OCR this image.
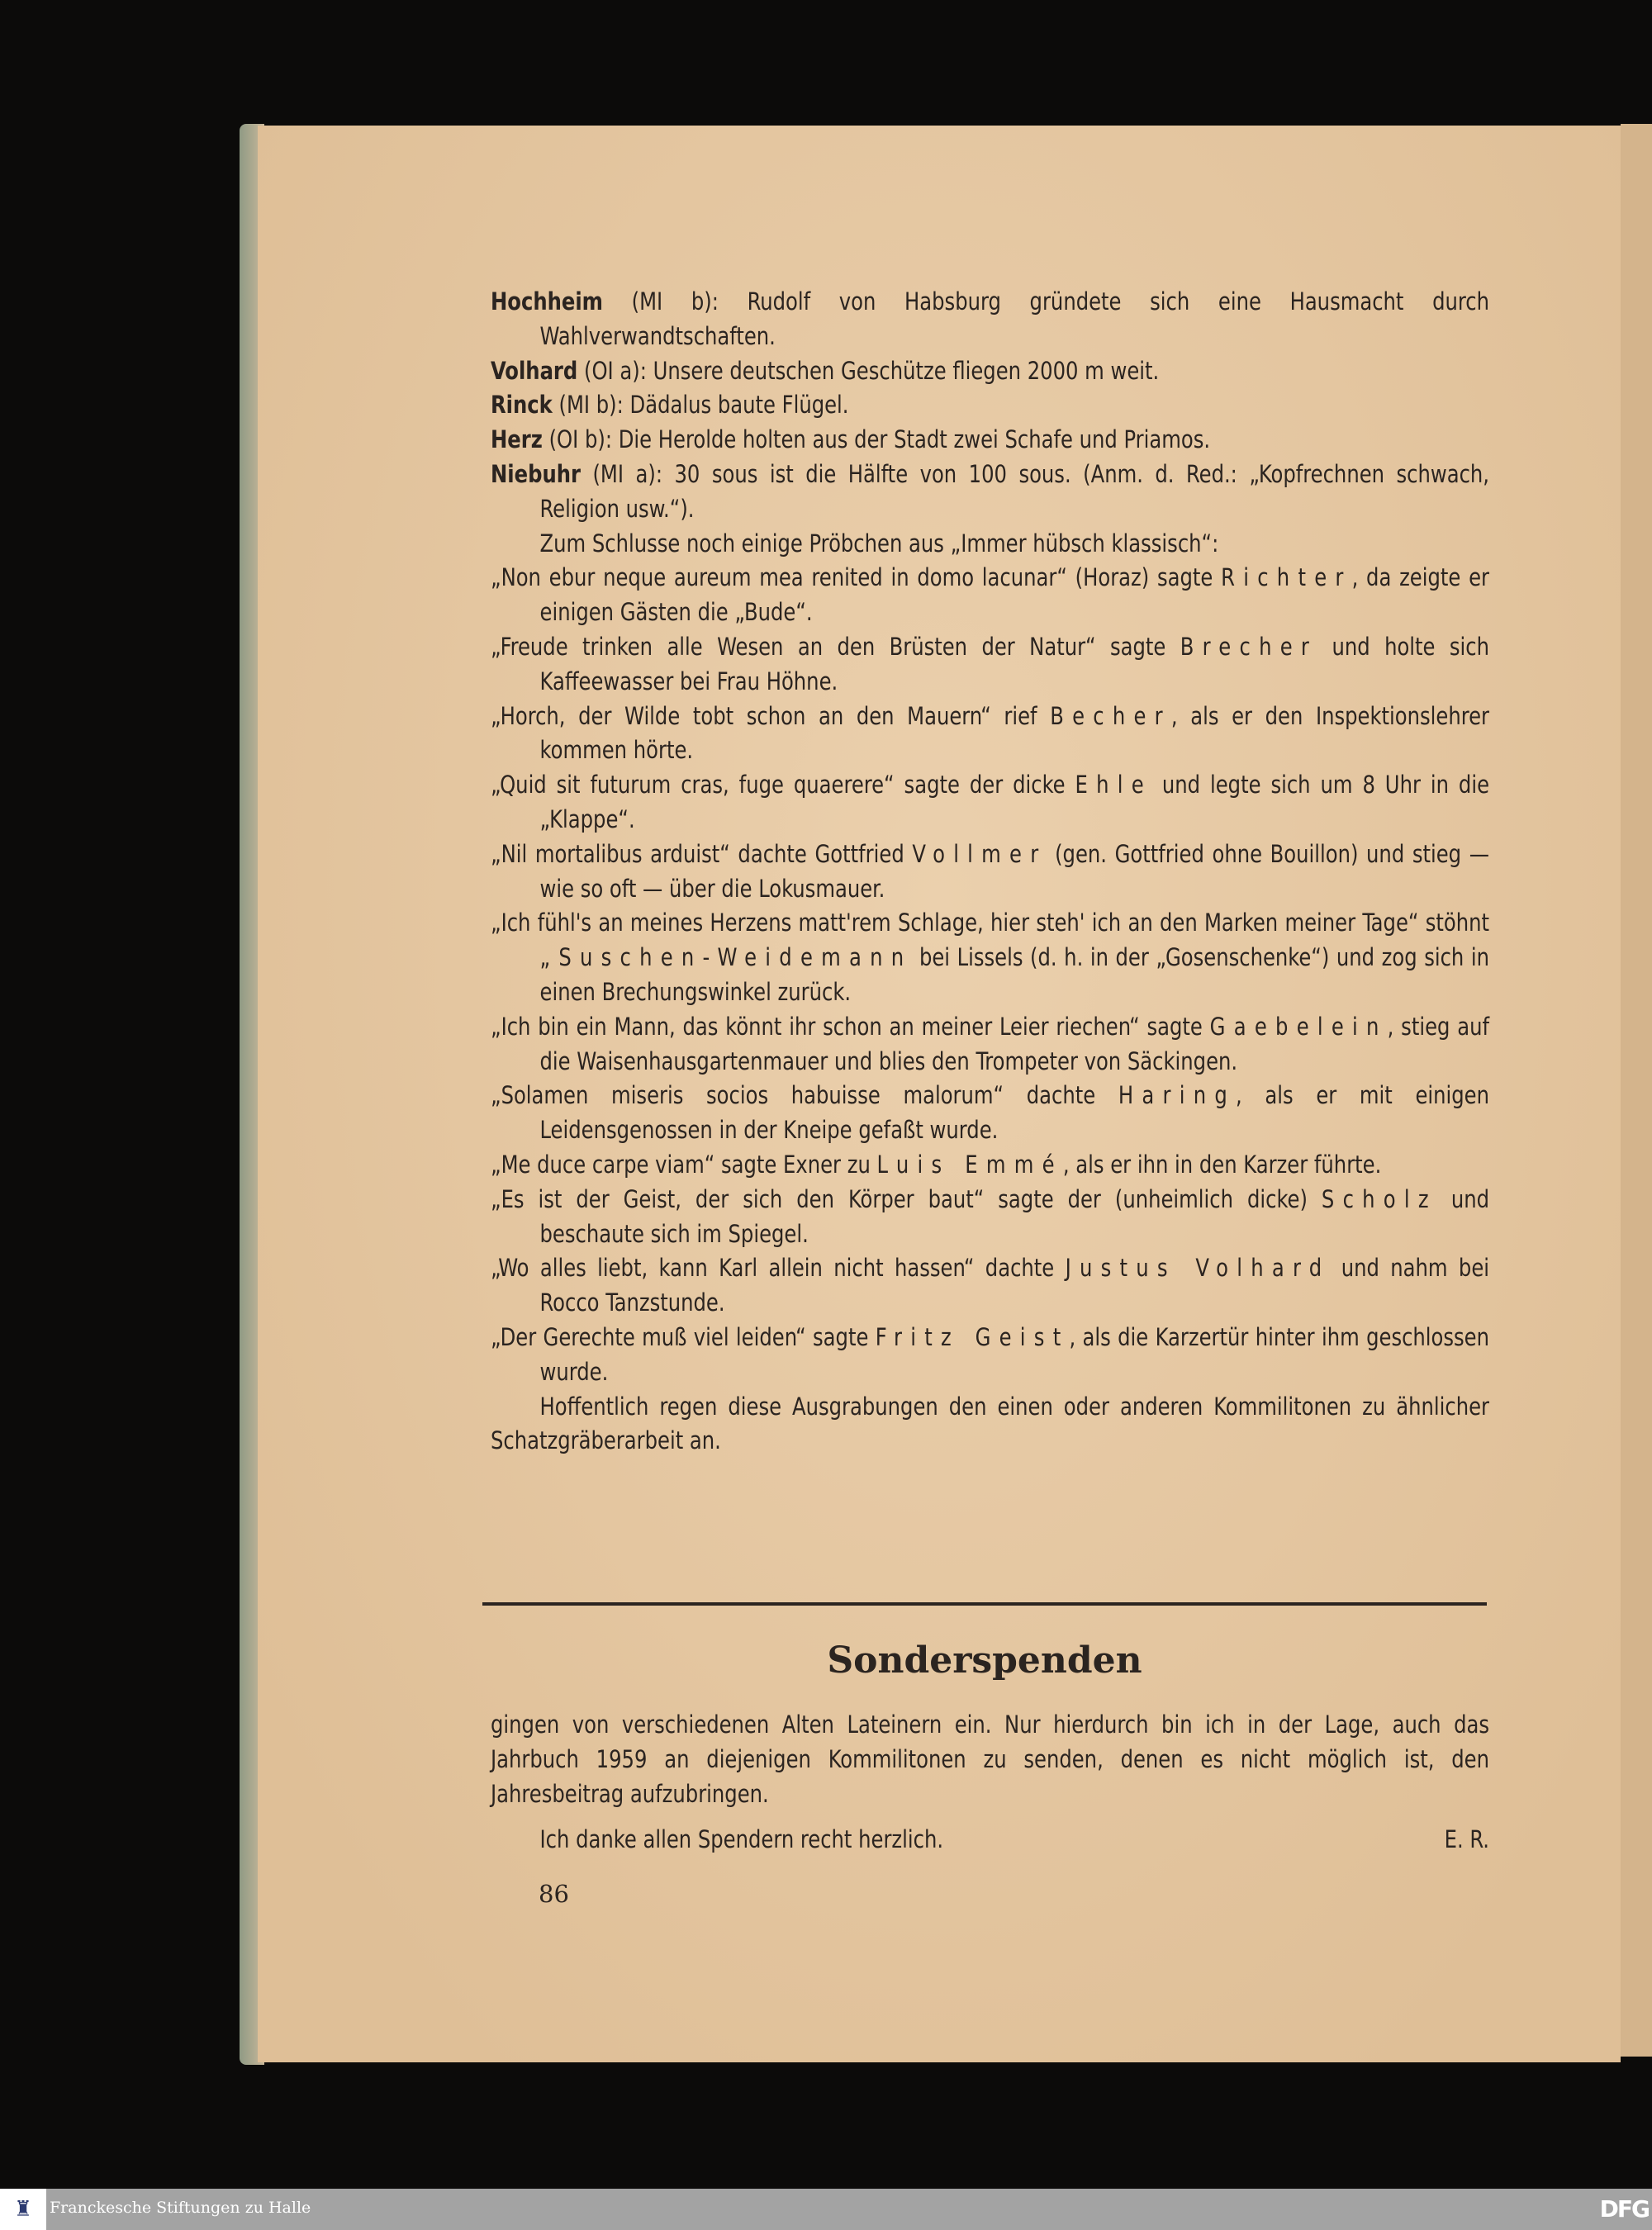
Hochheim (MI b): Rudolf von Habsburg gründete sich eine Hausmacht durch Wahlverwandtschaften.
Volhard (OI a): Unsere deutschen Geschütze fliegen 2000 m weit.
Rinck (MI b): Dädalus baute Flügel.
Herz (OI b): Die Herolde holten aus der Stadt zwei Schafe und Priamos.
Niebuhr (MI a): 30 sous ist die Hälfte von 100 sous. (Anm. d. Red.: „Kopfrechnen schwach, Religion usw.“).
Zum Schlusse noch einige Pröbchen aus „Immer hübsch klassisch“:
„Non ebur neque aureum mea renited in domo lacunar“ (Horaz) sagte Richter, da zeigte er einigen Gästen die „Bude“.
„Freude trinken alle Wesen an den Brüsten der Natur“ sagte Brecher und holte sich Kaffeewasser bei Frau Höhne.
„Horch, der Wilde tobt schon an den Mauern“ rief Becher, als er den Inspektionslehrer kommen hörte.
„Quid sit futurum cras, fuge quaerere“ sagte der dicke Ehle und legte sich um 8 Uhr in die „Klappe“.
„Nil mortalibus arduist“ dachte Gottfried Vollmer (gen. Gottfried ohne Bouillon) und stieg — wie so oft — über die Lokusmauer.
„Ich fühl's an meines Herzens matt'rem Schlage, hier steh' ich an den Marken meiner Tage“ stöhnt „Suschen-Weidemann bei Lissels (d. h. in der „Gosenschenke“) und zog sich in einen Brechungswinkel zurück.
„Ich bin ein Mann, das könnt ihr schon an meiner Leier riechen“ sagte Gaebelein, stieg auf die Waisenhausgartenmauer und blies den Trompeter von Säckingen.
„Solamen miseris socios habuisse malorum“ dachte Haring, als er mit einigen Leidensgenossen in der Kneipe gefaßt wurde.
„Me duce carpe viam“ sagte Exner zu Luis Emmé, als er ihn in den Karzer führte.
„Es ist der Geist, der sich den Körper baut“ sagte der (unheimlich dicke) Scholz und beschaute sich im Spiegel.
„Wo alles liebt, kann Karl allein nicht hassen“ dachte Justus Volhard und nahm bei Rocco Tanzstunde.
„Der Gerechte muß viel leiden“ sagte Fritz Geist, als die Karzertür hinter ihm geschlossen wurde.
Hoffentlich regen diese Ausgrabungen den einen oder anderen Kommilitonen zu ähnlicher Schatzgräberarbeit an.
Sonderspenden
gingen von verschiedenen Alten Lateinern ein. Nur hierdurch bin ich in der Lage, auch das Jahrbuch 1959 an diejenigen Kommilitonen zu senden, denen es nicht möglich ist, den Jahresbeitrag aufzubringen.
Ich danke allen Spendern recht herzlich.	E. R.
86
♜	Franckesche Stiftungen zu Halle	DFG
